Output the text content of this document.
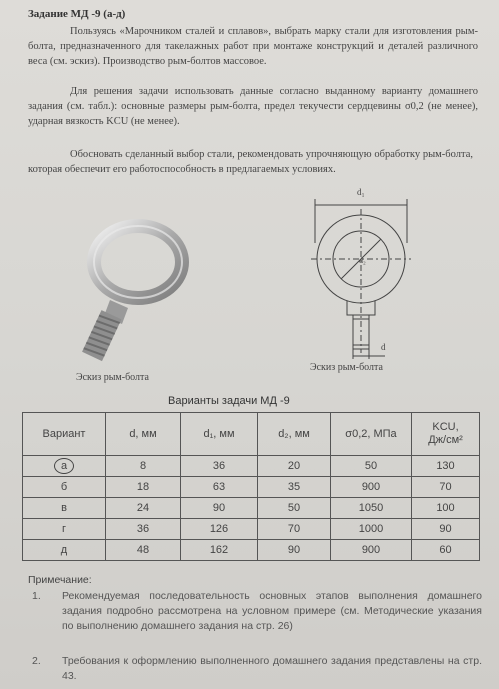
Задание МД -9 (а-д)
Пользуясь «Марочником сталей и сплавов», выбрать марку стали для изготовления рым-болта, предназначенного для такелажных работ при монтаже конструкций и деталей различного веса (см. эскиз). Производство рым-болтов массовое.
Для решения задачи использовать данные согласно выданному варианту домашнего задания (см. табл.): основные размеры рым-болта, предел текучести сердцевины σ0,2 (не менее), ударная вязкость KCU (не менее).
Обосновать сделанный выбор стали, рекомендовать упрочняющую обработку рым-болта, которая обеспечит его работоспособность в предлагаемых условиях.
Эскиз рым-болта
d₁
d₂
d
Эскиз рым-болта
Варианты задачи МД -9
Вариант	d, мм	d₁, мм	d₂, мм	σ0,2, МПа	KCU,
Дж/см²

а	8	36	20	50	130
б	18	63	35	900	70
в	24	90	50	1050	100
г	36	126	70	1000	90
д	48	162	90	900	60
Примечание:
1. Рекомендуемая последовательность основных этапов выполнения домашнего задания подробно рассмотрена на условном примере (см. Методические указания по выполнению домашнего задания на стр. 26)
2. Требования к оформлению выполненного домашнего задания представлены на стр. 43.
